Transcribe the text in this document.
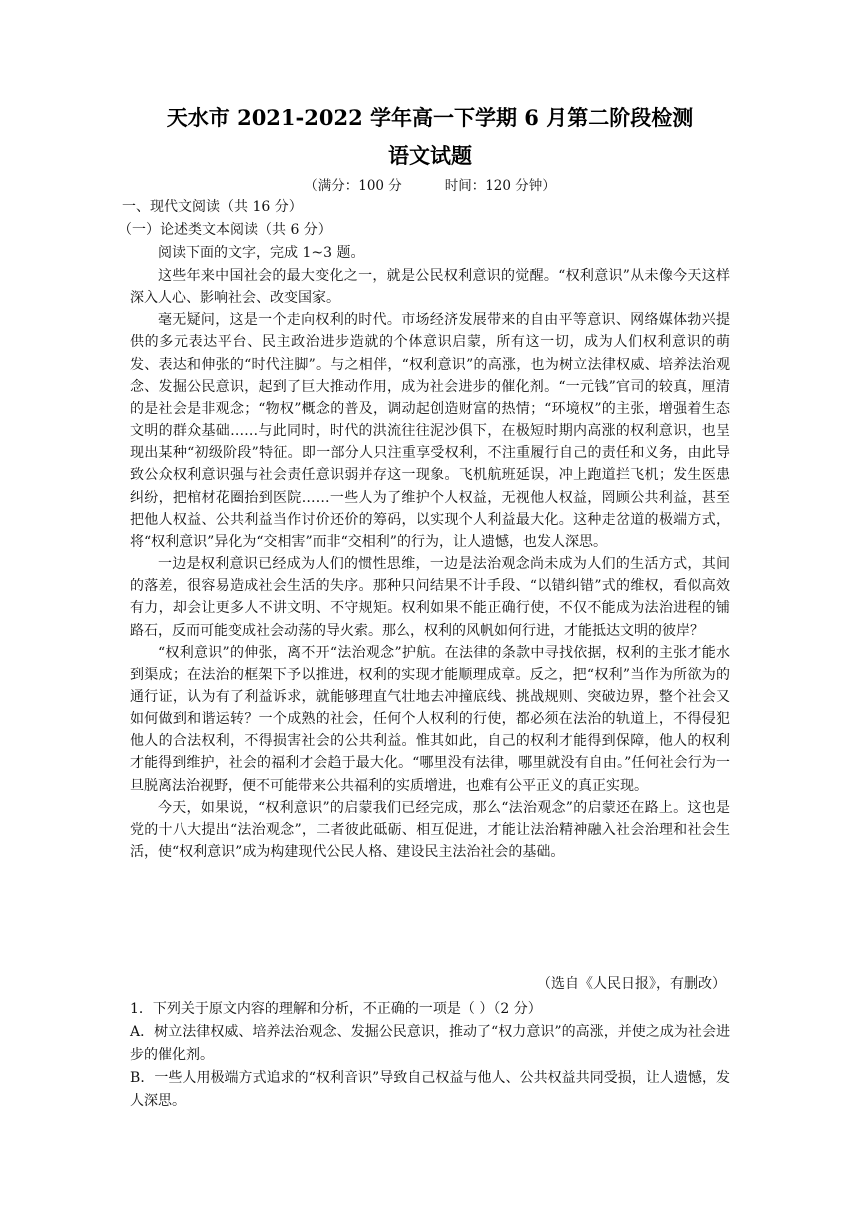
天水市 2021-2022 学年高一下学期 6 月第二阶段检测
语文试题
（满分：100 分          时间：120 分钟）
一、现代文阅读（共 16 分）
（一）论述类文本阅读（共 6 分）
阅读下面的文字，完成 1~3 题。

这些年来中国社会的最大变化之一，就是公民权利意识的觉醒。“权利意识”从未像今天这样深入人心、影响社会、改变国家。

毫无疑问，这是一个走向权利的时代。市场经济发展带来的自由平等意识、网络媒体勃兴提供的多元表达平台、民主政治进步造就的个体意识启蒙，所有这一切，成为人们权利意识的萌发、表达和伸张的“时代注脚”。与之相伴，“权利意识”的高涨，也为树立法律权威、培养法治观念、发掘公民意识，起到了巨大推动作用，成为社会进步的催化剂。“一元钱”官司的较真，厘清的是社会是非观念；“物权”概念的普及，调动起创造财富的热情；“环境权”的主张，增强着生态文明的群众基础……与此同时，时代的洪流往往泥沙俱下，在极短时期内高涨的权利意识，也呈现出某种“初级阶段”特征。即一部分人只注重享受权利，不注重履行自己的责任和义务，由此导致公众权利意识强与社会责任意识弱并存这一现象。飞机航班延误，冲上跑道拦飞机；发生医患纠纷，把棺材花圈抬到医院……一些人为了维护个人权益，无视他人权益，罔顾公共利益，甚至把他人权益、公共利益当作讨价还价的筹码，以实现个人利益最大化。这种走岔道的极端方式，将“权利意识”异化为“交相害”而非“交相利”的行为，让人遗憾，也发人深思。

一边是权利意识已经成为人们的惯性思维，一边是法治观念尚未成为人们的生活方式，其间的落差，很容易造成社会生活的失序。那种只问结果不计手段、“以错纠错”式的维权，看似高效有力，却会让更多人不讲文明、不守规矩。权利如果不能正确行使，不仅不能成为法治进程的铺路石，反而可能变成社会动荡的导火索。那么，权利的风帆如何行进，才能抵达文明的彼岸？

“权利意识”的伸张，离不开“法治观念”护航。在法律的条款中寻找依据，权利的主张才能水到渠成；在法治的框架下予以推进，权利的实现才能顺理成章。反之，把“权利”当作为所欲为的通行证，认为有了利益诉求，就能够理直气壮地去冲撞底线、挑战规则、突破边界，整个社会又如何做到和谐运转？一个成熟的社会，任何个人权利的行使，都必须在法治的轨道上，不得侵犯他人的合法权利，不得损害社会的公共利益。惟其如此，自己的权利才能得到保障，他人的权利才能得到维护，社会的福利才会趋于最大化。“哪里没有法律，哪里就没有自由。”任何社会行为一旦脱离法治视野，便不可能带来公共福利的实质增进，也难有公平正义的真正实现。

今天，如果说，“权利意识”的启蒙我们已经完成，那么“法治观念”的启蒙还在路上。这也是党的十八大提出“法治观念”，二者彼此砥砺、相互促进，才能让法治精神融入社会治理和社会生活，使“权利意识”成为构建现代公民人格、建设民主法治社会的基础。

（选自《人民日报》，有删改）
1．下列关于原文内容的理解和分析，不正确的一项是（ ）（2 分）
A．树立法律权威、培养法治观念、发掘公民意识，推动了“权力意识”的高涨，并使之成为社会进步的催化剂。
B．一些人用极端方式追求的“权利音识”导致自己权益与他人、公共权益共同受损，让人遗憾，发人深思。
